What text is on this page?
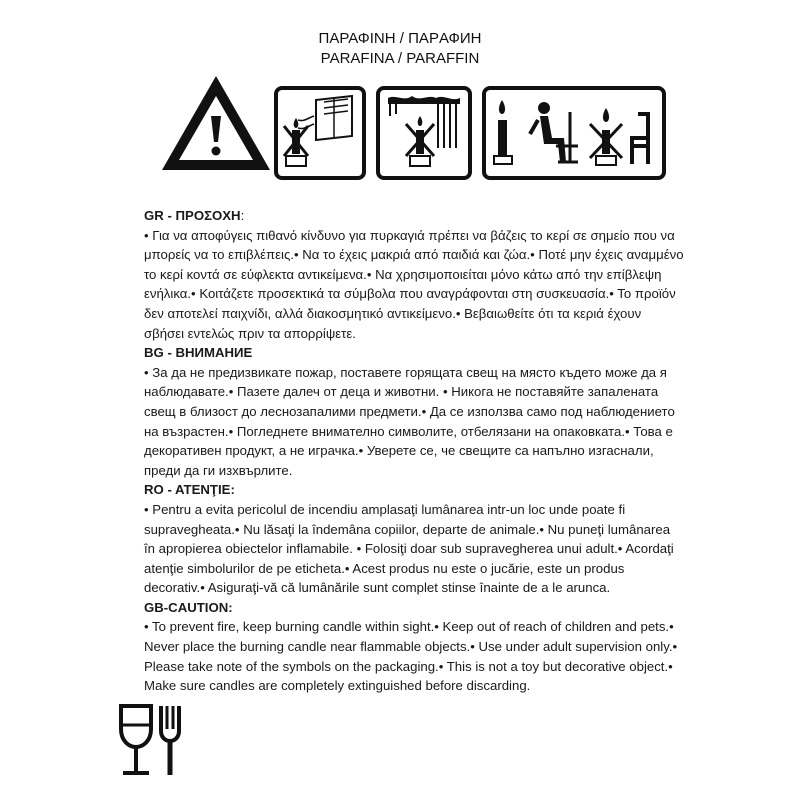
ΠΑΡΑΦΙΝΗ / ΠΑΡАФИН
PARAFINA / PARAFFIN

GR - ΠΡΟΣΟΧΗ:
• Για να αποφύγεις πιθανό κίνδυνο για πυρκαγιά πρέπει να βάζεις το κερί σε σημείο που να μπορείς να το επιβλέπεις.• Να το έχεις μακριά από παιδιά και ζώα.• Ποτέ μην έχεις αναμμένο το κερί κοντά σε εύφλεκτα αντικείμενα.• Να χρησιμοποιείται μόνο κάτω από την επίβλεψη ενήλικα.• Κοιτάζετε προσεκτικά τα σύμβολα που αναγράφονται στη συσκευασία.• Το προϊόν δεν αποτελεί παιχνίδι, αλλά διακοσμητικό αντικείμενο.• Βεβαιωθείτε ότι τα κεριά έχουν σβήσει εντελώς πριν τα απορρίψετε.

BG - ВНИМАНИЕ
• За да не предизвикате пожар, поставете горящата свещ на място където може да я наблюдавате.• Пазете далеч от деца и животни. • Никога не поставяйте запалената свещ в близост до леснозапалими предмети.• Да се използва само под наблюдението на възрастен.• Погледнете внимателно символите, отбелязани на опаковката.• Това е декоративен продукт, а не играчка.• Уверете се, че свещите са напълно изгаснали, преди да ги изхвърлите.

RO - ATENŢIE:
• Pentru a evita pericolul de incendiu amplasaţi lumânarea intr-un loc unde poate fi supravegheata.• Nu lăsaţi la îndemâna copiilor, departe de animale.• Nu puneţi lumânarea în apropierea obiectelor inflamabile. • Folosiţi doar sub supravegherea unui adult.• Acordaţi atenţie simbolurilor de pe eticheta.• Acest produs nu este o jucărie, este un produs decorativ.• Asiguraţi-vă că lumânările sunt complet stinse înainte de a le arunca.

GB-CAUTION:
• To prevent fire, keep burning candle within sight.• Keep out of reach of children and pets.• Never place the burning candle near flammable objects.• Use under adult supervision only.• Please take note of the symbols on the packaging.• This is not a toy but decorative object.• Make sure candles are completely extinguished before discarding.
